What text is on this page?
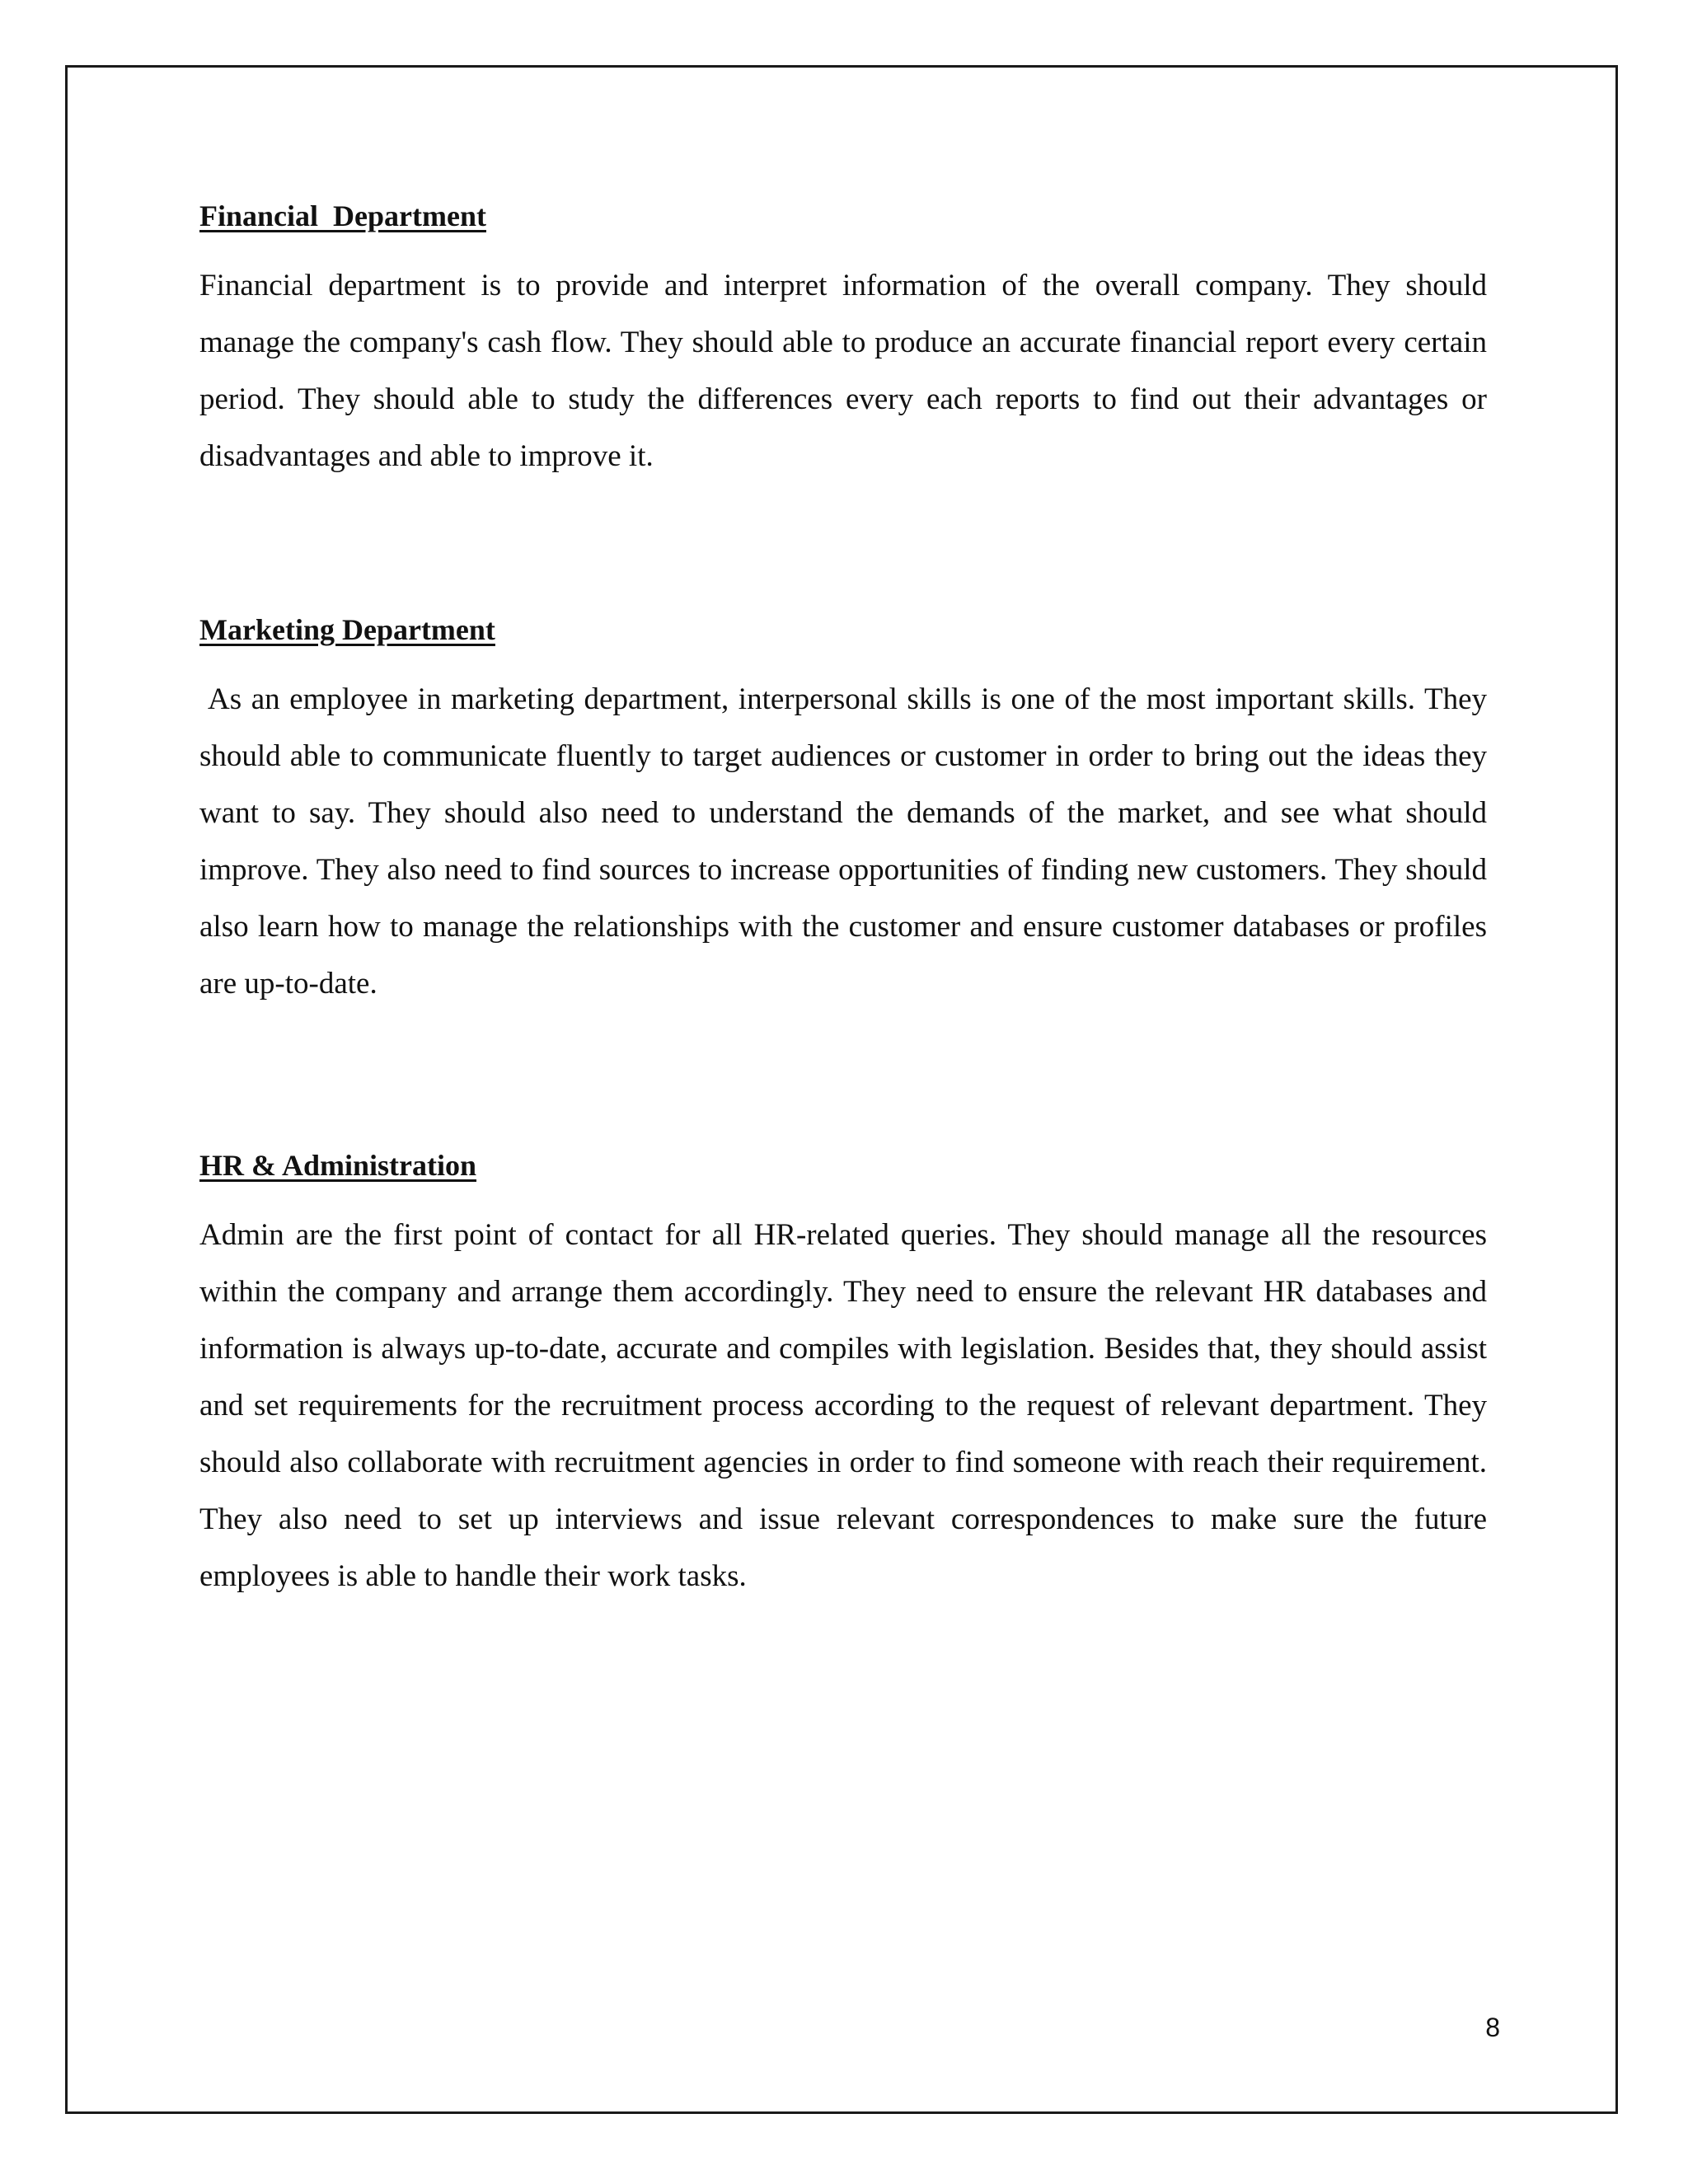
Financial  Department

Financial department is to provide and interpret information of the overall company. They should manage the company's cash flow. They should able to produce an accurate financial report every certain period. They should able to study the differences every each reports to find out their advantages or disadvantages and able to improve it.

Marketing Department

As an employee in marketing department, interpersonal skills is one of the most important skills. They should able to communicate fluently to target audiences or customer in order to bring out the ideas they want to say. They should also need to understand the demands of the market, and see what should improve. They also need to find sources to increase opportunities of finding new customers. They should also learn how to manage the relationships with the customer and ensure customer databases or profiles are up-to-date.

HR & Administration

Admin are the first point of contact for all HR-related queries. They should manage all the resources within the company and arrange them accordingly. They need to ensure the relevant HR databases and information is always up-to-date, accurate and compiles with legislation. Besides that, they should assist and set requirements for the recruitment process according to the request of relevant department. They should also collaborate with recruitment agencies in order to find someone with reach their requirement. They also need to set up interviews and issue relevant correspondences to make sure the future employees is able to handle their work tasks.

8
